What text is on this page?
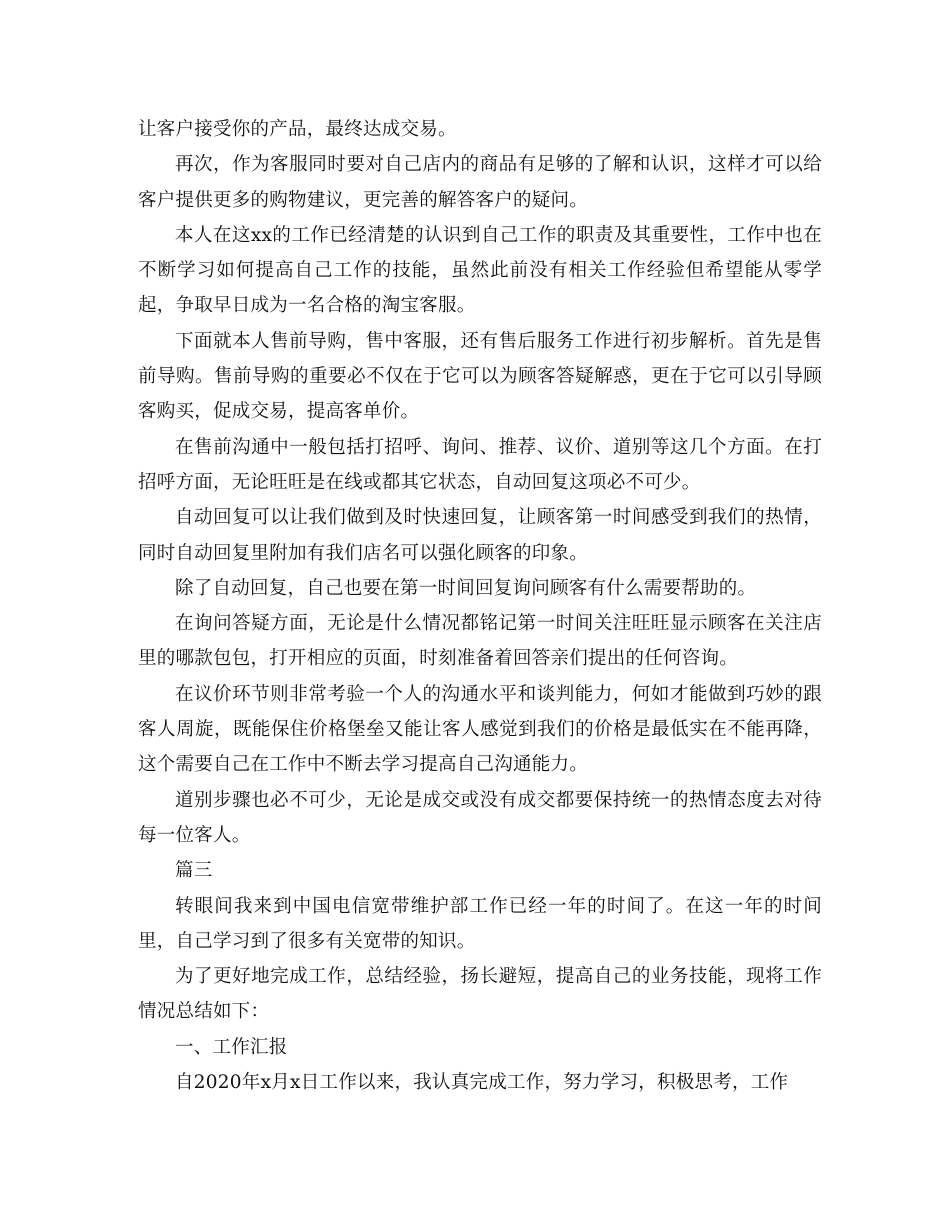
让客户接受你的产品，最终达成交易。

再次，作为客服同时要对自己店内的商品有足够的了解和认识，这样才可以给客户提供更多的购物建议，更完善的解答客户的疑问。

本人在这xx的工作已经清楚的认识到自己工作的职责及其重要性，工作中也在不断学习如何提高自己工作的技能，虽然此前没有相关工作经验但希望能从零学起，争取早日成为一名合格的淘宝客服。

下面就本人售前导购，售中客服，还有售后服务工作进行初步解析。首先是售前导购。售前导购的重要必不仅在于它可以为顾客答疑解惑，更在于它可以引导顾客购买，促成交易，提高客单价。

在售前沟通中一般包括打招呼、询问、推荐、议价、道别等这几个方面。在打招呼方面，无论旺旺是在线或都其它状态，自动回复这项必不可少。

自动回复可以让我们做到及时快速回复，让顾客第一时间感受到我们的热情，同时自动回复里附加有我们店名可以强化顾客的印象。

除了自动回复，自己也要在第一时间回复询问顾客有什么需要帮助的。

在询问答疑方面，无论是什么情况都铭记第一时间关注旺旺显示顾客在关注店里的哪款包包，打开相应的页面，时刻准备着回答亲们提出的任何咨询。

在议价环节则非常考验一个人的沟通水平和谈判能力，何如才能做到巧妙的跟客人周旋，既能保住价格堡垒又能让客人感觉到我们的价格是最低实在不能再降，这个需要自己在工作中不断去学习提高自己沟通能力。

道别步骤也必不可少，无论是成交或没有成交都要保持统一的热情态度去对待每一位客人。

篇三

转眼间我来到中国电信宽带维护部工作已经一年的时间了。在这一年的时间里，自己学习到了很多有关宽带的知识。

为了更好地完成工作，总结经验，扬长避短，提高自己的业务技能，现将工作情况总结如下：

一、工作汇报

自2020年x月x日工作以来，我认真完成工作，努力学习，积极思考，工作
